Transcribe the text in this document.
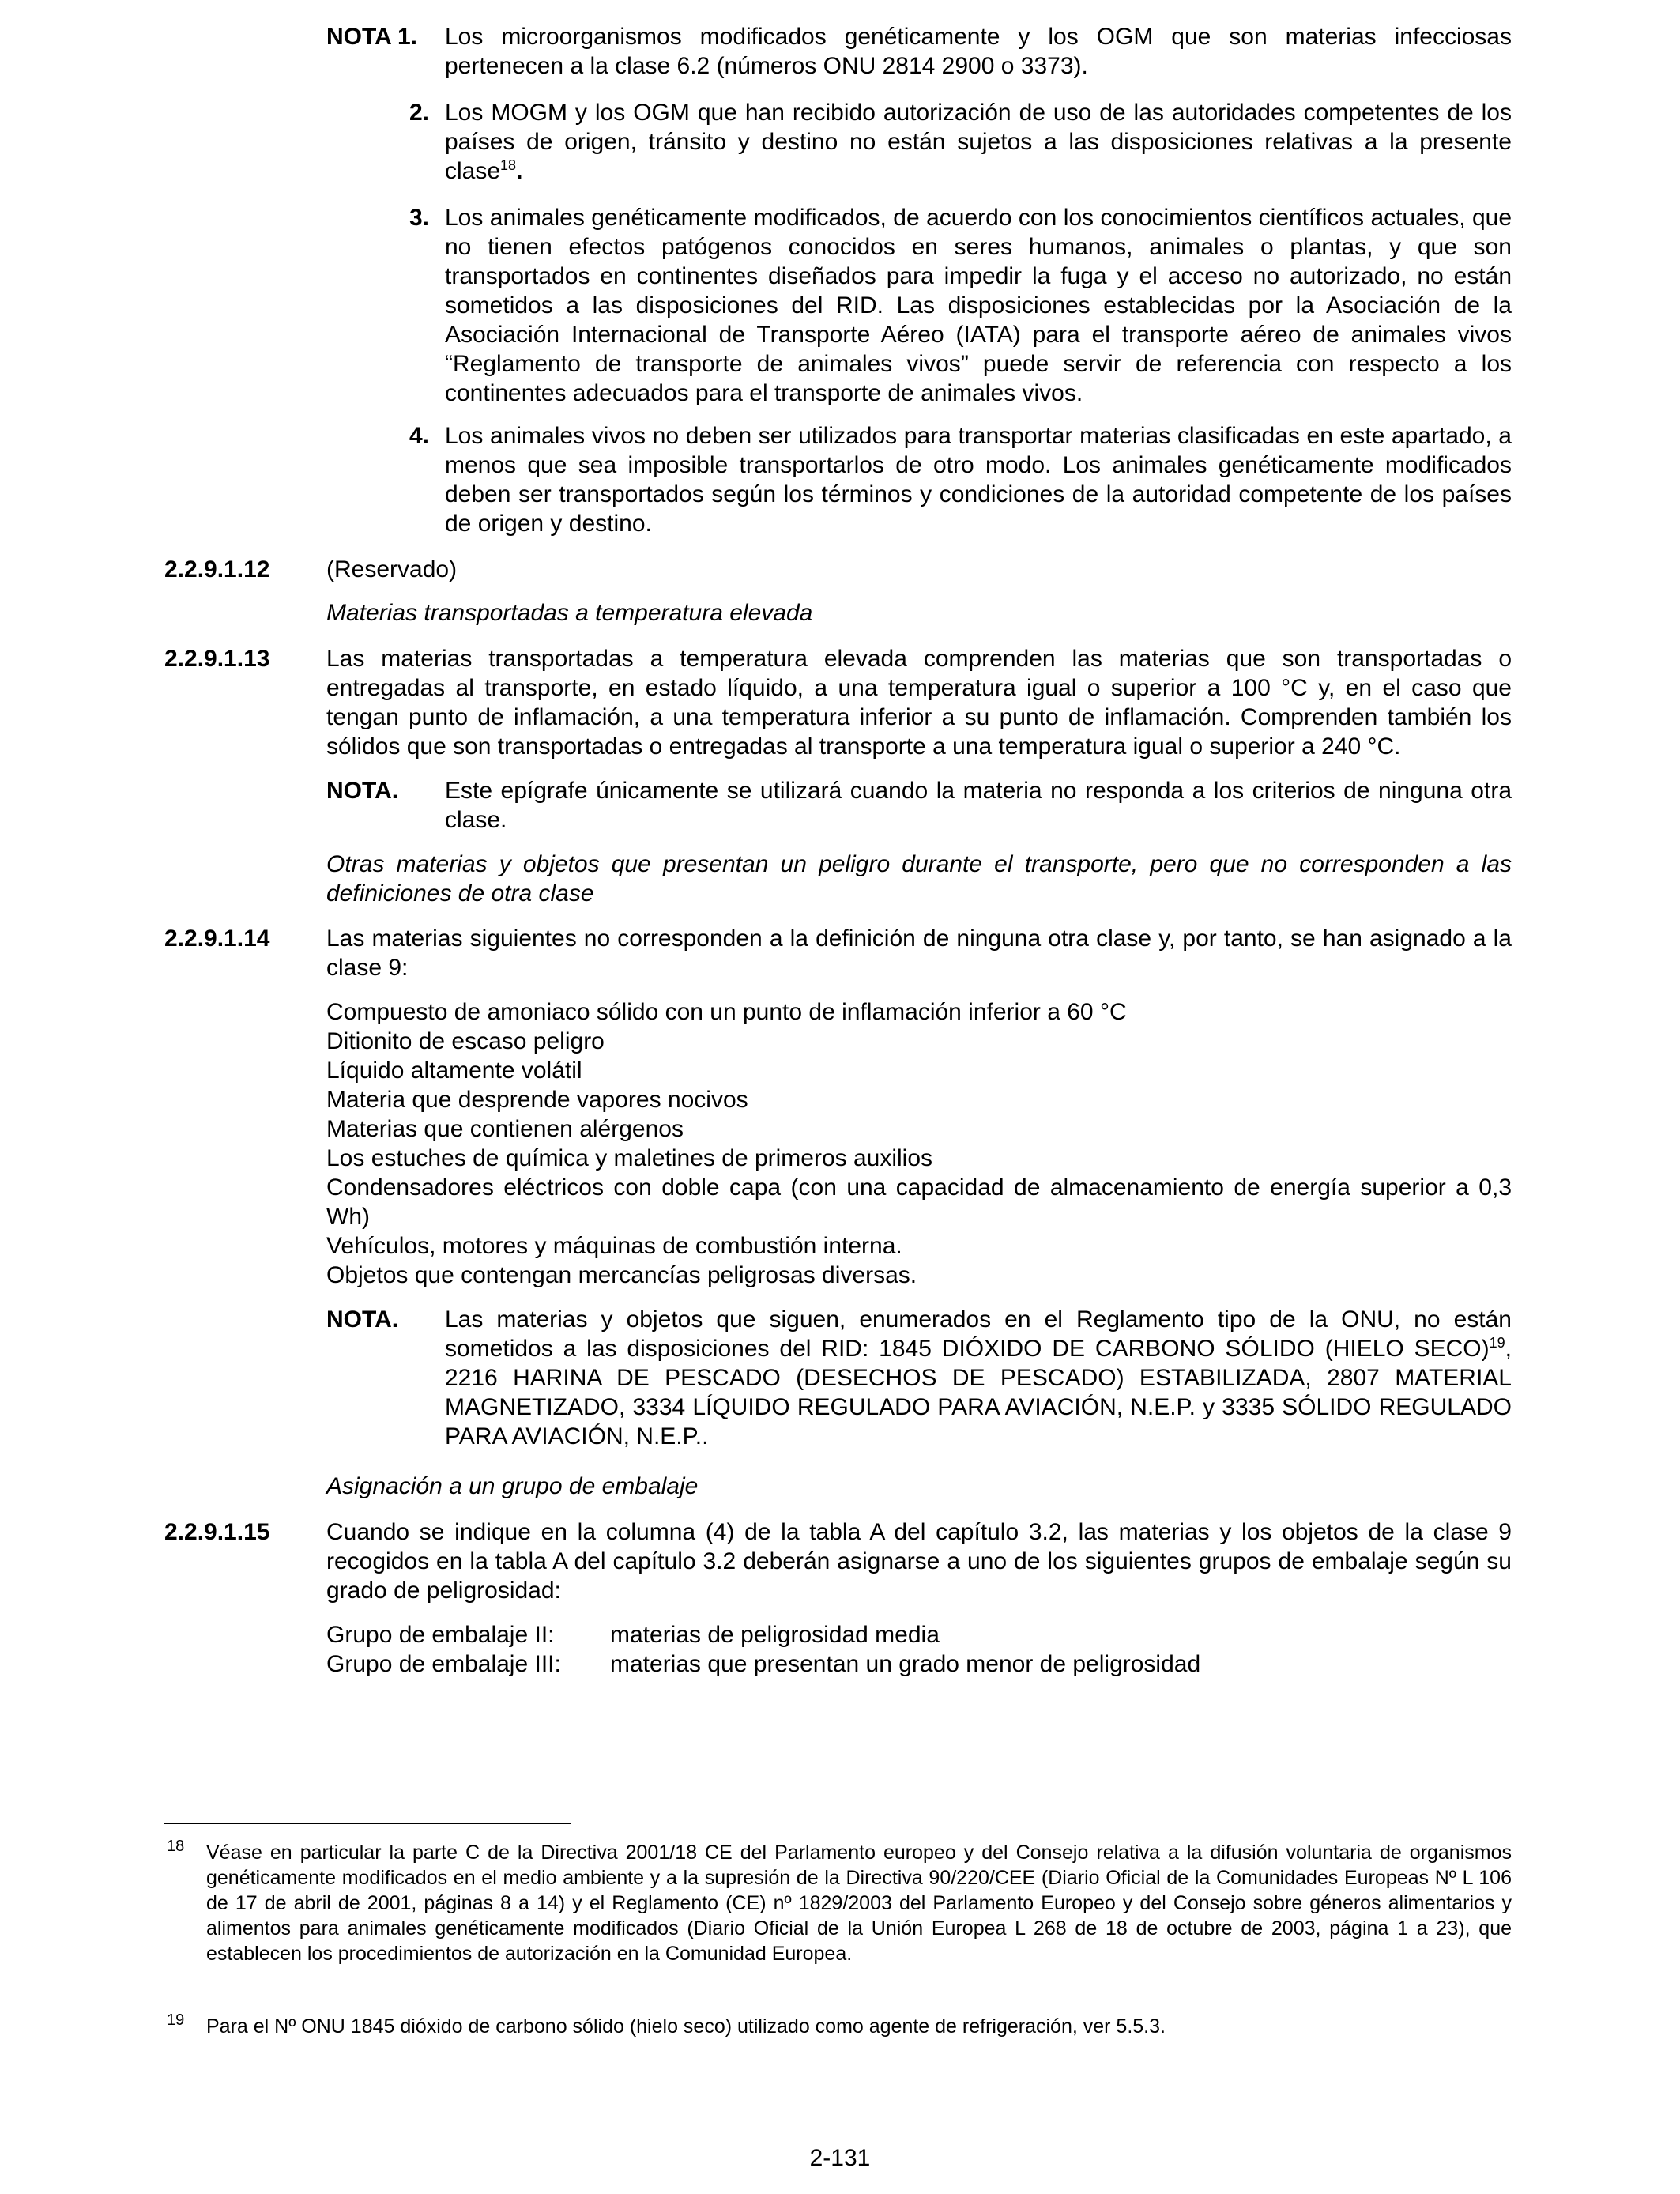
NOTA 1. Los microorganismos modificados genéticamente y los OGM que son materias infecciosas pertenecen a la clase 6.2 (números ONU 2814 2900 o 3373).

2. Los MOGM y los OGM que han recibido autorización de uso de las autoridades competentes de los países de origen, tránsito y destino no están sujetos a las disposiciones relativas a la presente clase$^{18}$.

3. Los animales genéticamente modificados, de acuerdo con los conocimientos científicos actuales, que no tienen efectos patógenos conocidos en seres humanos, animales o plantas, y que son transportados en continentes diseñados para impedir la fuga y el acceso no autorizado, no están sometidos a las disposiciones del RID. Las disposiciones establecidas por la Asociación de la Asociación Internacional de Transporte Aéreo (IATA) para el transporte aéreo de animales vivos “Reglamento de transporte de animales vivos” puede servir de referencia con respecto a los continentes adecuados para el transporte de animales vivos.

4. Los animales vivos no deben ser utilizados para transportar materias clasificadas en este apartado, a menos que sea imposible transportarlos de otro modo. Los animales genéticamente modificados deben ser transportados según los términos y condiciones de la autoridad competente de los países de origen y destino.

2.2.9.1.12 (Reservado)

Materias transportadas a temperatura elevada

2.2.9.1.13 Las materias transportadas a temperatura elevada comprenden las materias que son transportadas o entregadas al transporte, en estado líquido, a una temperatura igual o superior a 100 °C y, en el caso que tengan punto de inflamación, a una temperatura inferior a su punto de inflamación. Comprenden también los sólidos que son transportadas o entregadas al transporte a una temperatura igual o superior a 240 °C.

NOTA. Este epígrafe únicamente se utilizará cuando la materia no responda a los criterios de ninguna otra clase.

Otras materias y objetos que presentan un peligro durante el transporte, pero que no corresponden a las definiciones de otra clase

2.2.9.1.14 Las materias siguientes no corresponden a la definición de ninguna otra clase y, por tanto, se han asignado a la clase 9:

Compuesto de amoniaco sólido con un punto de inflamación inferior a 60 °C

Ditionito de escaso peligro

Líquido altamente volátil

Materia que desprende vapores nocivos

Materias que contienen alérgenos

Los estuches de química y maletines de primeros auxilios

Condensadores eléctricos con doble capa (con una capacidad de almacenamiento de energía superior a 0,3 Wh)

Vehículos, motores y máquinas de combustión interna.

Objetos que contengan mercancías peligrosas diversas.

NOTA. Las materias y objetos que siguen, enumerados en el Reglamento tipo de la ONU, no están sometidos a las disposiciones del RID: 1845 DIÓXIDO DE CARBONO SÓLIDO (HIELO SECO)$^{19}$, 2216 HARINA DE PESCADO (DESECHOS DE PESCADO) ESTABILIZADA, 2807 MATERIAL MAGNETIZADO, 3334 LÍQUIDO REGULADO PARA AVIACIÓN, N.E.P. y 3335 SÓLIDO REGULADO PARA AVIACIÓN, N.E.P..

Asignación a un grupo de embalaje

2.2.9.1.15 Cuando se indique en la columna (4) de la tabla A del capítulo 3.2, las materias y los objetos de la clase 9 recogidos en la tabla A del capítulo 3.2 deberán asignarse a uno de los siguientes grupos de embalaje según su grado de peligrosidad:

Grupo de embalaje II: materias de peligrosidad media
Grupo de embalaje III: materias que presentan un grado menor de peligrosidad
18 Véase en particular la parte C de la Directiva 2001/18 CE del Parlamento europeo y del Consejo relativa a la difusión voluntaria de organismos genéticamente modificados en el medio ambiente y a la supresión de la Directiva 90/220/CEE (Diario Oficial de la Comunidades Europeas Nº L 106 de 17 de abril de 2001, páginas 8 a 14) y el Reglamento (CE) nº 1829/2003 del Parlamento Europeo y del Consejo sobre géneros alimentarios y alimentos para animales genéticamente modificados (Diario Oficial de la Unión Europea L 268 de 18 de octubre de 2003, página 1 a 23), que establecen los procedimientos de autorización en la Comunidad Europea.

19 Para el Nº ONU 1845 dióxido de carbono sólido (hielo seco) utilizado como agente de refrigeración, ver 5.5.3.

2-131
